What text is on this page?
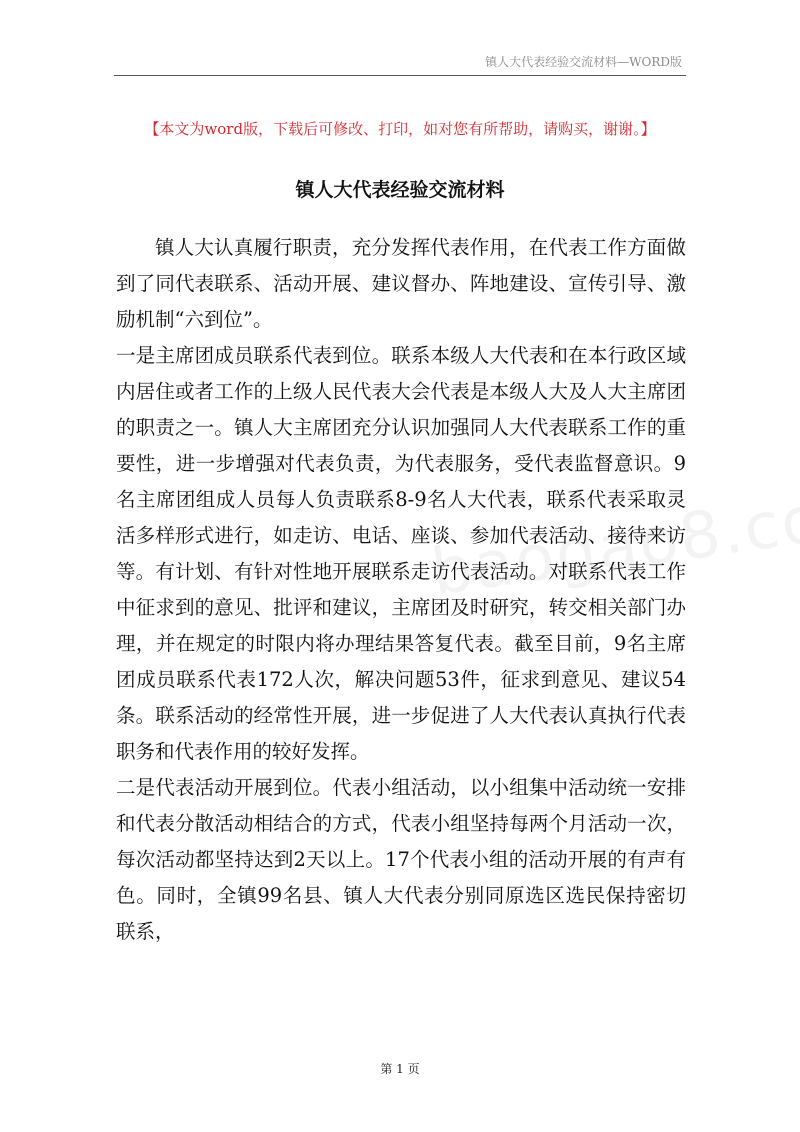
镇人大代表经验交流材料—WORD版
【本文为word版，下载后可修改、打印，如对您有所帮助，请购买，谢谢。】
镇人大代表经验交流材料

镇人大认真履行职责，充分发挥代表作用，在代表工作方面做到了同代表联系、活动开展、建议督办、阵地建设、宣传引导、激励机制“六到位”。

一是主席团成员联系代表到位。联系本级人大代表和在本行政区域内居住或者工作的上级人民代表大会代表是本级人大及人大主席团的职责之一。镇人大主席团充分认识加强同人大代表联系工作的重要性，进一步增强对代表负责，为代表服务，受代表监督意识。9名主席团组成人员每人负责联系8-9名人大代表，联系代表采取灵活多样形式进行，如走访、电话、座谈、参加代表活动、接待来访等。有计划、有针对性地开展联系走访代表活动。对联系代表工作中征求到的意见、批评和建议，主席团及时研究，转交相关部门办理，并在规定的时限内将办理结果答复代表。截至目前，9名主席团成员联系代表172人次，解决问题53件，征求到意见、建议54条。联系活动的经常性开展，进一步促进了人大代表认真执行代表职务和代表作用的较好发挥。

二是代表活动开展到位。代表小组活动，以小组集中活动统一安排和代表分散活动相结合的方式，代表小组坚持每两个月活动一次，每次活动都坚持达到2天以上。17个代表小组的活动开展的有声有色。同时，全镇99名县、镇人大代表分别同原选区选民保持密切联系，

第 1 页
